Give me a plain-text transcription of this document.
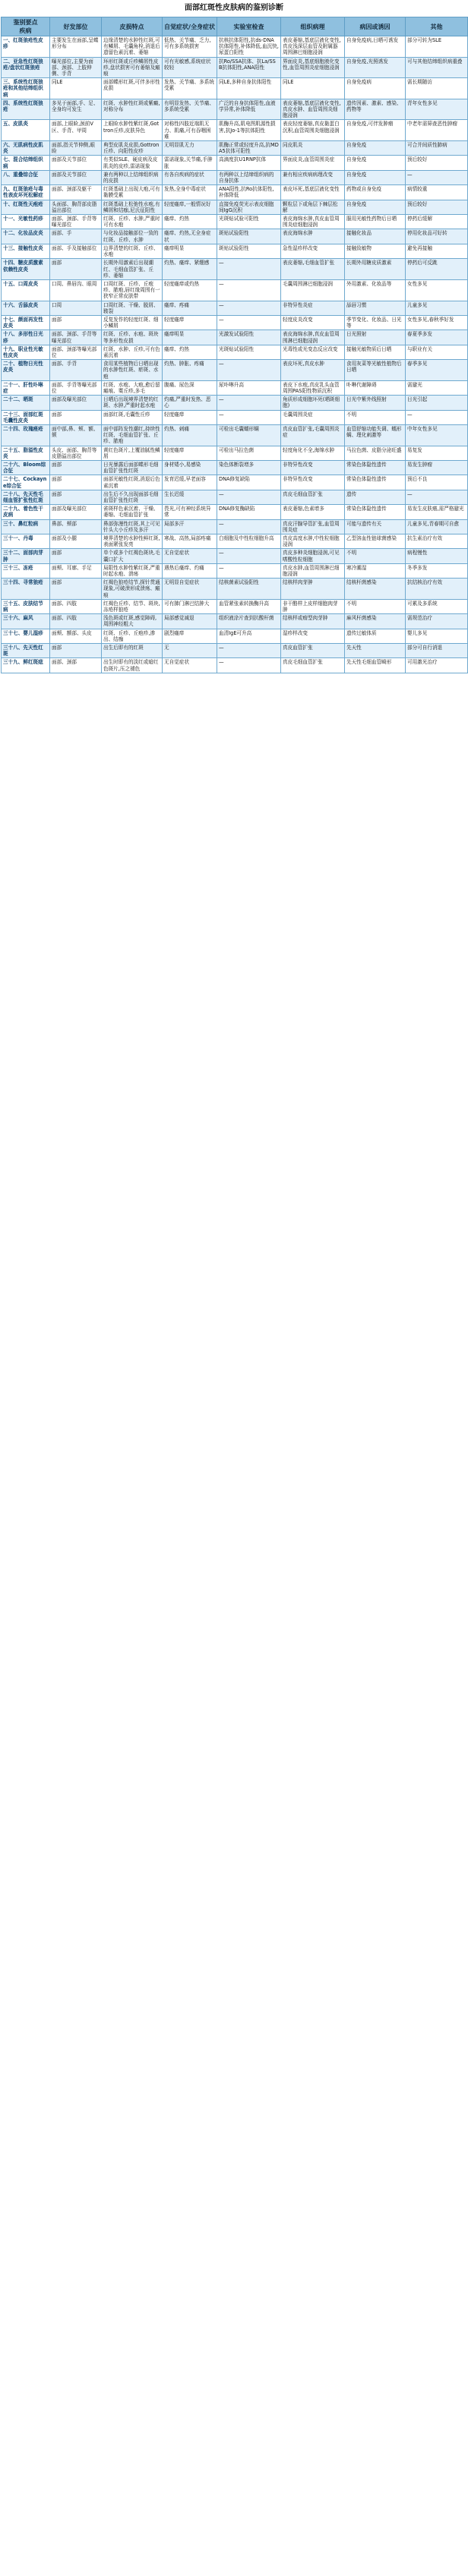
面部红斑性皮肤病的鉴别诊断
鉴别要点
疾病	好发部位	皮损特点	自觉症状/全身症状	实验室检查	组织病理	病因或诱因	其他
一、红斑狼疮性皮疹	主要发生在面部,呈蝶形分布	边缘清楚的水肿性红斑,可有鳞屑、毛囊角栓,消退后遗留色素沉着、萎缩	低热、关节痛、乏力,可有多系统损害	抗核抗体阳性,抗ds-DNA抗体阳性,补体降低,血沉快,尿蛋白阳性	表皮萎缩,基底层液化变性,真皮浅深层血管及附属器周围淋巴细胞浸润	自身免疫病,日晒可诱发	部分可转为SLE
二、亚急性红斑狼疮/盘状红斑狼疮	曝光部位,主要为面部、颈部、上肢伸侧、手背	环形红斑或丘疹鳞屑性皮疹,盘状损害可有萎缩及瘢痕	可有光敏感,系统症状较轻	抗Ro/SSA抗体、抗La/SSB抗体阳性,ANA阳性	界面皮炎,基底细胞液化变性,血管周围炎症细胞浸润	自身免疫,光照诱发	可与其他结缔组织病重叠
三、系统性红斑狼疮和其他结缔组织病	同LE	面部蝶形红斑,可伴多形性皮损	发热、关节痛、多系统受累	同LE,多种自身抗体阳性	同LE	自身免疫病	需长期随访
四、系统性红斑狼疮	多见于面部,手、足、全身均可发生	红斑、水肿性红斑或紫癜,对称分布	有明显发热、关节痛、多系统受累	广泛的自身抗体阳性,血液学异常,补体降低	表皮萎缩,基底层液化变性,真皮水肿、血管周围炎细胞浸润	遗传因素、激素、感染、药物等	青年女性多见
五、皮肌炎	面部,上眼睑,颈前V区、手背、甲周	上眼睑水肿性紫红斑,Gottron丘疹,皮肤异色	对称性四肢近端肌无力、肌痛,可有吞咽困难	肌酶升高,肌电图肌源性损害,抗Jo-1等抗体阳性	表皮轻度萎缩,真皮黏蛋白沉积,血管周围炎细胞浸润	自身免疫,可伴发肿瘤	中老年需筛查恶性肿瘤
六、无肌病性皮肌炎	面部,指关节伸侧,眼睑	典型皮肌炎皮损,Gottron丘疹、向阳性皮疹	无明显肌无力	肌酶正常或轻度升高,抗MDA5抗体可阳性	同皮肌炎	自身免疫	可合并间质性肺病
七、混合结缔组织病	面部及关节部位	有类似SLE、硬皮病及皮肌炎的皮疹,雷诺现象	雷诺现象,关节痛,手肿胀	高滴度抗U1RNP抗体	界面皮炎,血管周围炎症	自身免疫	预后较好
八、重叠综合征	面部及关节部位	兼有两种以上结缔组织病的皮损	有各自疾病的症状	有两种以上结缔组织病的自身抗体	兼有相应疾病病理改变	自身免疫	—
九、红斑狼疮与毒性表皮坏死松解症	面部、颈部及躯干	红斑基础上出现大疱,可有黏膜受累	发热,全身中毒症状	ANA阳性,抗Ro抗体阳性,补体降低	表皮坏死,基底层液化变性	药物或自身免疫	病情较重
十、红斑性天疱疮	头面部、胸背部皮脂溢出部位	红斑基础上松弛性水疱,有鳞屑和结痂,尼氏征阳性	轻度瘙痒,一般情况好	直接免疫荧光示表皮细胞间IgG沉积	颗粒层下或角层下棘层松解	自身免疫	预后较好
十一、光敏性药疹	面部、颈部、手背等曝光部位	红斑、丘疹、水肿,严重时可有水疱	瘙痒、灼热	光斑贴试验可阳性	表皮海绵水肿,真皮血管周围炎症细胞浸润	服用光敏性药物后日晒	停药后缓解
十二、化妆品皮炎	面部、手	与化妆品接触部位一致的红斑、丘疹、水肿	瘙痒、灼热,无全身症状	斑贴试验阳性	表皮海绵水肿	接触化妆品	停用化妆品可好转
十三、接触性皮炎	面部、手及接触部位	边界清楚的红斑、丘疹、水疱	瘙痒明显	斑贴试验阳性	急性湿疹样改变	接触致敏物	避免再接触
十四、糖皮质激素依赖性皮炎	面部	长期外用激素后出现潮红、毛细血管扩张、丘疹、萎缩	灼热、瘙痒、紧绷感	—	表皮萎缩,毛细血管扩张	长期外用糖皮质激素	停药后可反跳
十五、口周皮炎	口周、鼻唇沟、眼周	口周红斑、丘疹、丘疱疹、脓疱,唇红缘周围有一狭窄正常皮肤带	轻度瘙痒或灼热	—	毛囊周围淋巴细胞浸润	外用激素、化妆品等	女性多见
十六、舌舔皮炎	口周	口周红斑、干燥、脱屑、皲裂	瘙痒、疼痛	—	非特异性炎症	舔唇习惯	儿童多见
十七、颜面再发性皮炎	面部	反复发作的轻度红斑、细小鳞屑	轻度瘙痒	—	轻度皮炎改变	季节变化、化妆品、日光等	女性多见,春秋季好发
十八、多形性日光疹	面部、颈部、手背等曝光部位	红斑、丘疹、水疱、斑块等多形性皮损	瘙痒明显	光激发试验阳性	表皮海绵水肿,真皮血管周围淋巴细胞浸润	日光照射	春夏季多发
十九、职业性光敏性皮炎	面部、颈部等曝光部位	红斑、水肿、丘疹,可有色素沉着	瘙痒、灼热	光斑贴试验阳性	光毒性或光变态反应改变	接触光敏物质后日晒	与职业有关
二十、植物日光性皮炎	面部、手背	食用某些植物后日晒出现的水肿性红斑、瘀斑、水疱	灼热、肿胀、疼痛	—	表皮坏死,真皮水肿	食用灰菜等光敏性植物后日晒	春季多见
二十一、肝性卟啉症	面部、手背等曝光部位	红斑、水疱、大疱,愈后留瘢痕、粟丘疹,多毛	腹痛、尿色深	尿卟啉升高	表皮下水疱,真皮乳头血管周围PAS阳性物质沉积	卟啉代谢障碍	需避光
二十二、晒斑	面部及曝光部位	日晒后出现境界清楚的红斑、水肿,严重时起水疱	灼痛,严重时发热、恶心	—	角质形成细胞坏死(晒斑细胞)	日光中紫外线照射	日光引起
二十三、面部红斑毛囊性皮炎	面部	面部红斑,毛囊性丘疹	轻度瘙痒	—	毛囊周围炎症	不明	—
二十四、玫瑰痤疮	面中部,鼻、颊、额、颏	面中部阵发性潮红,持续性红斑、毛细血管扩张、丘疹、脓疱	灼热、刺痛	可检出毛囊蠕形螨	真皮血管扩张,毛囊周围炎症	血管舒缩功能失调、蠕形螨、理化刺激等	中年女性多见
二十五、脂溢性皮炎	头皮、面部、胸背等皮脂溢出部位	黄红色斑片,上覆油腻性鳞屑	轻度瘙痒	可检出马拉色菌	轻度角化不全,海绵水肿	马拉色菌、皮脂分泌旺盛	易复发
二十六、Bloom综合征	面部	日光暴露后面部蝶形毛细血管扩张性红斑	身材矮小,易感染	染色体断裂增多	非特异性改变	常染色体隐性遗传	易发生肿瘤
二十七、Cockayne综合征	面部	面部光敏性红斑,消退后色素沉着	发育迟缓,早老面容	DNA修复缺陷	非特异性改变	常染色体隐性遗传	预后不良
二十八、先天性毛细血管扩张性红斑	面部	出生后不久出现面部毛细血管扩张性红斑	生长迟缓	—	真皮毛细血管扩张	遗传	—
二十九、着色性干皮病	面部及曝光部位	雀斑样色素沉着、干燥、萎缩、毛细血管扩张	畏光,可有神经系统异常	DNA修复酶缺陷	表皮萎缩,色素增多	常染色体隐性遗传	易发生皮肤癌,需严格避光
三十、鼻红粒病	鼻部、颊部	鼻部弥漫性红斑,其上可见针头大小丘疹及多汗	局部多汗	—	真皮汗腺导管扩张,血管周围炎症	可能与遗传有关	儿童多见,青春期可自愈
三十一、丹毒	面部及小腿	境界清楚的水肿性鲜红斑,表面紧张发亮	寒战、高热,局部疼痛	白细胞及中性粒细胞升高	真皮高度水肿,中性粒细胞浸润	乙型溶血性链球菌感染	抗生素治疗有效
三十二、面部肉芽肿	面部	单个或多个红褐色斑块,毛囊口扩大	无自觉症状	—	真皮多种炎细胞浸润,可见嗜酸性粒细胞	不明	病程慢性
三十三、冻疮	面颊、耳廓、手足	局限性水肿性紫红斑,严重时起水疱、溃疡	遇热后瘙痒、灼痛	—	真皮水肿,血管周围淋巴细胞浸润	寒冷潮湿	冬季多发
三十四、寻常狼疮	面部	红褐色狼疮结节,探针贯通现象,可破溃形成溃疡、瘢痕	无明显自觉症状	结核菌素试验阳性	结核样肉芽肿	结核杆菌感染	抗结核治疗有效
三十五、皮肤结节病	面部、四肢	红褐色丘疹、结节、斑块,冻疮样狼疮	可有肺门淋巴结肿大	血管紧张素转换酶升高	非干酪样上皮样细胞肉芽肿	不明	可累及多系统
三十六、麻风	面部、四肢	浅色斑或红斑,感觉障碍,周围神经粗大	局部感觉减退	组织液涂片查到抗酸杆菌	结核样或瘤型肉芽肿	麻风杆菌感染	需规范治疗
三十七、婴儿湿疹	面颊、额部、头皮	红斑、丘疹、丘疱疹,渗出、结痂	剧烈瘙痒	血清IgE可升高	湿疹样改变	遗传过敏体质	婴儿多见
三十八、先天性红斑	面部	出生后即有的红斑	无	—	真皮血管扩张	先天性	部分可自行消退
三十九、鲜红斑痣	面部、颈部	出生时即有的淡红或暗红色斑片,压之褪色	无自觉症状	—	真皮毛细血管扩张	先天性毛细血管畸形	可用激光治疗
